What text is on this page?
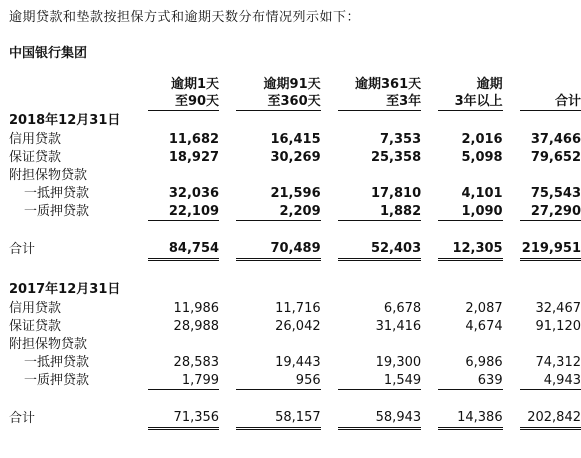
逾期贷款和垫款按担保方式和逾期天数分布情况列示如下：
中国银行集团
	逾期1天		逾期91天		逾期361天		逾期		
	至90天		至360天		至3年		3年以上		合计
2018年12月31日									
信用贷款	11,682		16,415		7,353		2,016		37,466
保证贷款	18,927		30,269		25,358		5,098		79,652
附担保物贷款									
一抵押贷款	32,036		21,596		17,810		4,101		75,543
一质押贷款	22,109		2,209		1,882		1,090		27,290

合计	84,754		70,489		52,403		12,305		219,951

2017年12月31日									
信用贷款	11,986		11,716		6,678		2,087		32,467
保证贷款	28,988		26,042		31,416		4,674		91,120
附担保物贷款									
一抵押贷款	28,583		19,443		19,300		6,986		74,312
一质押贷款	1,799		956		1,549		639		4,943

合计	71,356		58,157		58,943		14,386		202,842
